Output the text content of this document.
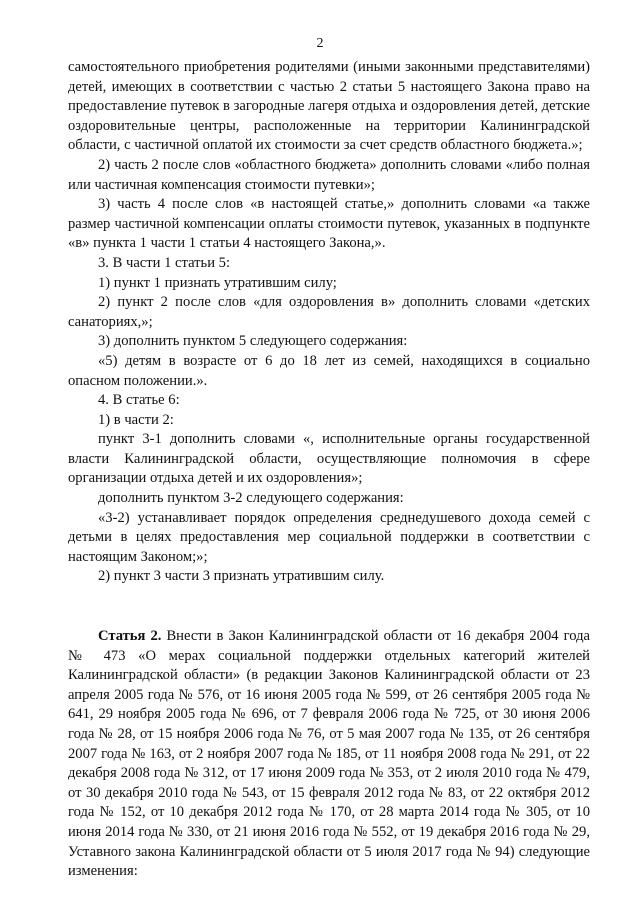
2

самостоятельного приобретения родителями (иными законными представителями) детей, имеющих в соответствии с частью 2 статьи 5 настоящего Закона право на предоставление путевок в загородные лагеря отдыха и оздоровления детей, детские оздоровительные центры, расположенные на территории Калининградской области, с частичной оплатой их стоимости за счет средств областного бюджета.»;

2) часть 2 после слов «областного бюджета» дополнить словами «либо полная или частичная компенсация стоимости путевки»;

3) часть 4 после слов «в настоящей статье,» дополнить словами «а также размер частичной компенсации оплаты стоимости путевок, указанных в подпункте «в» пункта 1 части 1 статьи 4 настоящего Закона,».

3. В части 1 статьи 5:

1) пункт 1 признать утратившим силу;

2) пункт 2 после слов «для оздоровления в» дополнить словами «детских санаториях,»;

3) дополнить пунктом 5 следующего содержания:

«5) детям в возрасте от 6 до 18 лет из семей, находящихся в социально опасном положении.».

4. В статье 6:

1) в части 2:

пункт 3-1 дополнить словами «, исполнительные органы государственной власти Калининградской области, осуществляющие полномочия в сфере организации отдыха детей и их оздоровления»;

дополнить пунктом 3-2 следующего содержания:

«3-2) устанавливает порядок определения среднедушевого дохода семей с детьми в целях предоставления мер социальной поддержки в соответствии с настоящим Законом;»;

2) пункт 3 части 3 признать утратившим силу.

Статья 2. Внести в Закон Калининградской области от 16 декабря 2004 года № 473 «О мерах социальной поддержки отдельных категорий жителей Калининградской области» (в редакции Законов Калининградской области от 23 апреля 2005 года № 576, от 16 июня 2005 года № 599, от 26 сентября 2005 года № 641, 29 ноября 2005 года № 696, от 7 февраля 2006 года № 725, от 30 июня 2006 года № 28, от 15 ноября 2006 года № 76, от 5 мая 2007 года № 135, от 26 сентября 2007 года № 163, от 2 ноября 2007 года № 185, от 11 ноября 2008 года № 291, от 22 декабря 2008 года № 312, от 17 июня 2009 года № 353, от 2 июля 2010 года № 479, от 30 декабря 2010 года № 543, от 15 февраля 2012 года № 83, от 22 октября 2012 года № 152, от 10 декабря 2012 года № 170, от 28 марта 2014 года № 305, от 10 июня 2014 года № 330, от 21 июня 2016 года № 552, от 19 декабря 2016 года № 29, Уставного закона Калининградской области от 5 июля 2017 года № 94) следующие изменения:
